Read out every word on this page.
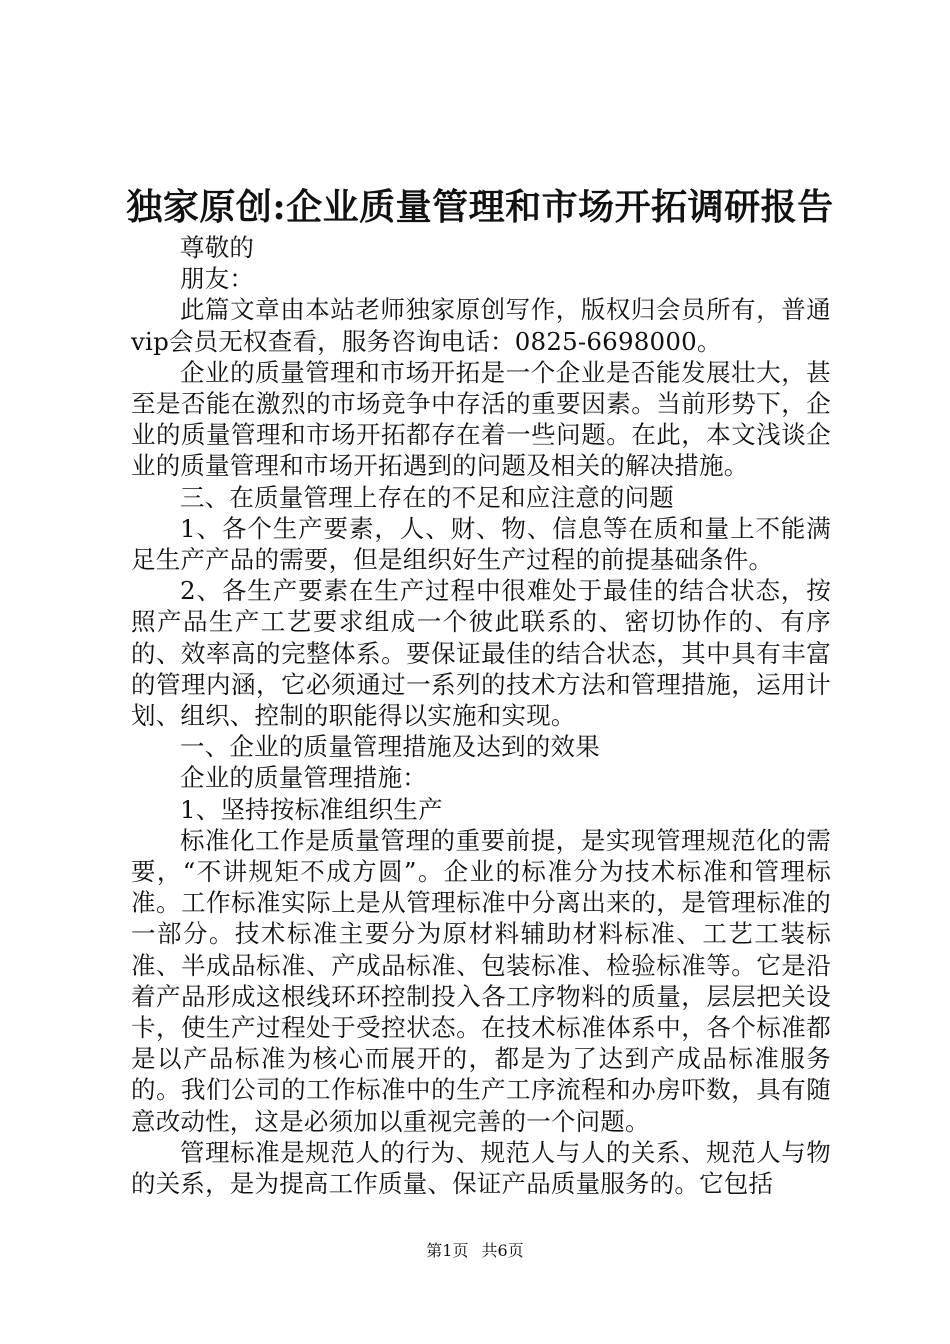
独家原创:企业质量管理和市场开拓调研报告

尊敬的

朋友：

此篇文章由本站老师独家原创写作，版权归会员所有，普通vip会员无权查看，服务咨询电话：0825-6698000。

企业的质量管理和市场开拓是一个企业是否能发展壮大，甚至是否能在激烈的市场竞争中存活的重要因素。当前形势下，企业的质量管理和市场开拓都存在着一些问题。在此，本文浅谈企业的质量管理和市场开拓遇到的问题及相关的解决措施。

三、在质量管理上存在的不足和应注意的问题

1、各个生产要素，人、财、物、信息等在质和量上不能满足生产产品的需要，但是组织好生产过程的前提基础条件。

2、各生产要素在生产过程中很难处于最佳的结合状态，按照产品生产工艺要求组成一个彼此联系的、密切协作的、有序的、效率高的完整体系。要保证最佳的结合状态，其中具有丰富的管理内涵，它必须通过一系列的技术方法和管理措施，运用计划、组织、控制的职能得以实施和实现。

一、企业的质量管理措施及达到的效果

企业的质量管理措施：

1、坚持按标准组织生产

标准化工作是质量管理的重要前提，是实现管理规范化的需要，“不讲规矩不成方圆”。企业的标准分为技术标准和管理标准。工作标准实际上是从管理标准中分离出来的，是管理标准的一部分。技术标准主要分为原材料辅助材料标准、工艺工装标准、半成品标准、产成品标准、包装标准、检验标准等。它是沿着产品形成这根线环环控制投入各工序物料的质量，层层把关设卡，使生产过程处于受控状态。在技术标准体系中，各个标准都是以产品标准为核心而展开的，都是为了达到产成品标准服务的。我们公司的工作标准中的生产工序流程和办房吓数，具有随意改动性，这是必须加以重视完善的一个问题。

管理标准是规范人的行为、规范人与人的关系、规范人与物的关系，是为提高工作质量、保证产品质量服务的。它包括

第1页 共6页
